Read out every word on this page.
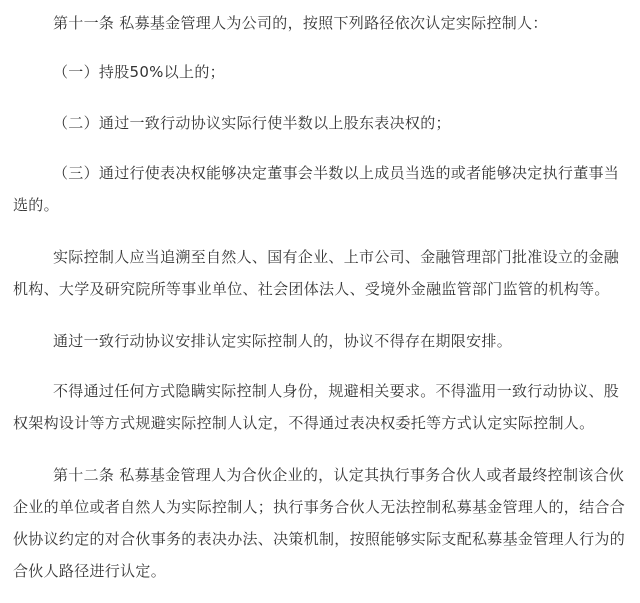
第十一条 私募基金管理人为公司的，按照下列路径依次认定实际控制人：

（一）持股50%以上的；

（二）通过一致行动协议实际行使半数以上股东表决权的；

（三）通过行使表决权能够决定董事会半数以上成员当选的或者能够决定执行董事当选的。

实际控制人应当追溯至自然人、国有企业、上市公司、金融管理部门批准设立的金融机构、大学及研究院所等事业单位、社会团体法人、受境外金融监管部门监管的机构等。

通过一致行动协议安排认定实际控制人的，协议不得存在期限安排。

不得通过任何方式隐瞒实际控制人身份，规避相关要求。不得滥用一致行动协议、股权架构设计等方式规避实际控制人认定，不得通过表决权委托等方式认定实际控制人。

第十二条 私募基金管理人为合伙企业的，认定其执行事务合伙人或者最终控制该合伙企业的单位或者自然人为实际控制人；执行事务合伙人无法控制私募基金管理人的，结合合伙协议约定的对合伙事务的表决办法、决策机制，按照能够实际支配私募基金管理人行为的合伙人路径进行认定。
